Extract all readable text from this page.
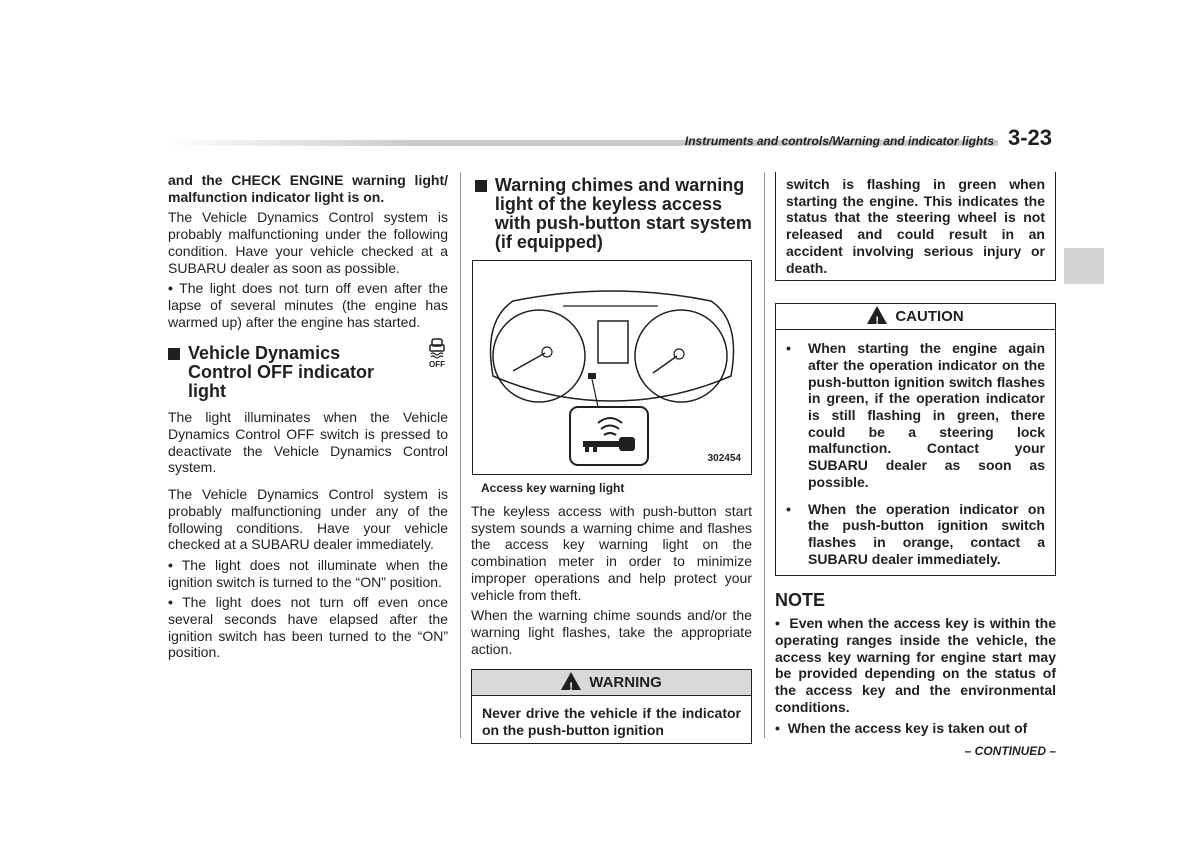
Instruments and controls/Warning and indicator lights 3-23

and the CHECK ENGINE warning light/ malfunction indicator light is on.

The Vehicle Dynamics Control system is probably malfunctioning under the following condition. Have your vehicle checked at a SUBARU dealer as soon as possible.

• The light does not turn off even after the lapse of several minutes (the engine has warmed up) after the engine has started.
Vehicle Dynamics Control OFF indicator light
OFF

The light illuminates when the Vehicle Dynamics Control OFF switch is pressed to deactivate the Vehicle Dynamics Control system.

The Vehicle Dynamics Control system is probably malfunctioning under any of the following conditions. Have your vehicle checked at a SUBARU dealer immediately.

• The light does not illuminate when the ignition switch is turned to the “ON” position.
• The light does not turn off even once several seconds have elapsed after the ignition switch has been turned to the “ON” position.
Warning chimes and warning light of the keyless access with push-button start system (if equipped)
302454
Access key warning light

The keyless access with push-button start system sounds a warning chime and flashes the access key warning light on the combination meter in order to minimize improper operations and help protect your vehicle from theft.

When the warning chime sounds and/or the warning light flashes, take the appropriate action.

!WARNING

Never drive the vehicle if the indicator on the push-button ignition

switch is flashing in green when starting the engine. This indicates the status that the steering wheel is not released and could result in an accident involving serious injury or death.

!CAUTION
•	When starting the engine again after the operation indicator on the push-button ignition switch flashes in green, if the operation indicator is still flashing in green, there could be a steering lock malfunction. Contact your SUBARU dealer as soon as possible.

•	When the operation indicator on the push-button ignition switch flashes in orange, contact a SUBARU dealer immediately.

NOTE
• Even when the access key is within the operating ranges inside the vehicle, the access key warning for engine start may be provided depending on the status of the access key and the environmental conditions.
• When the access key is taken out of
– CONTINUED –
